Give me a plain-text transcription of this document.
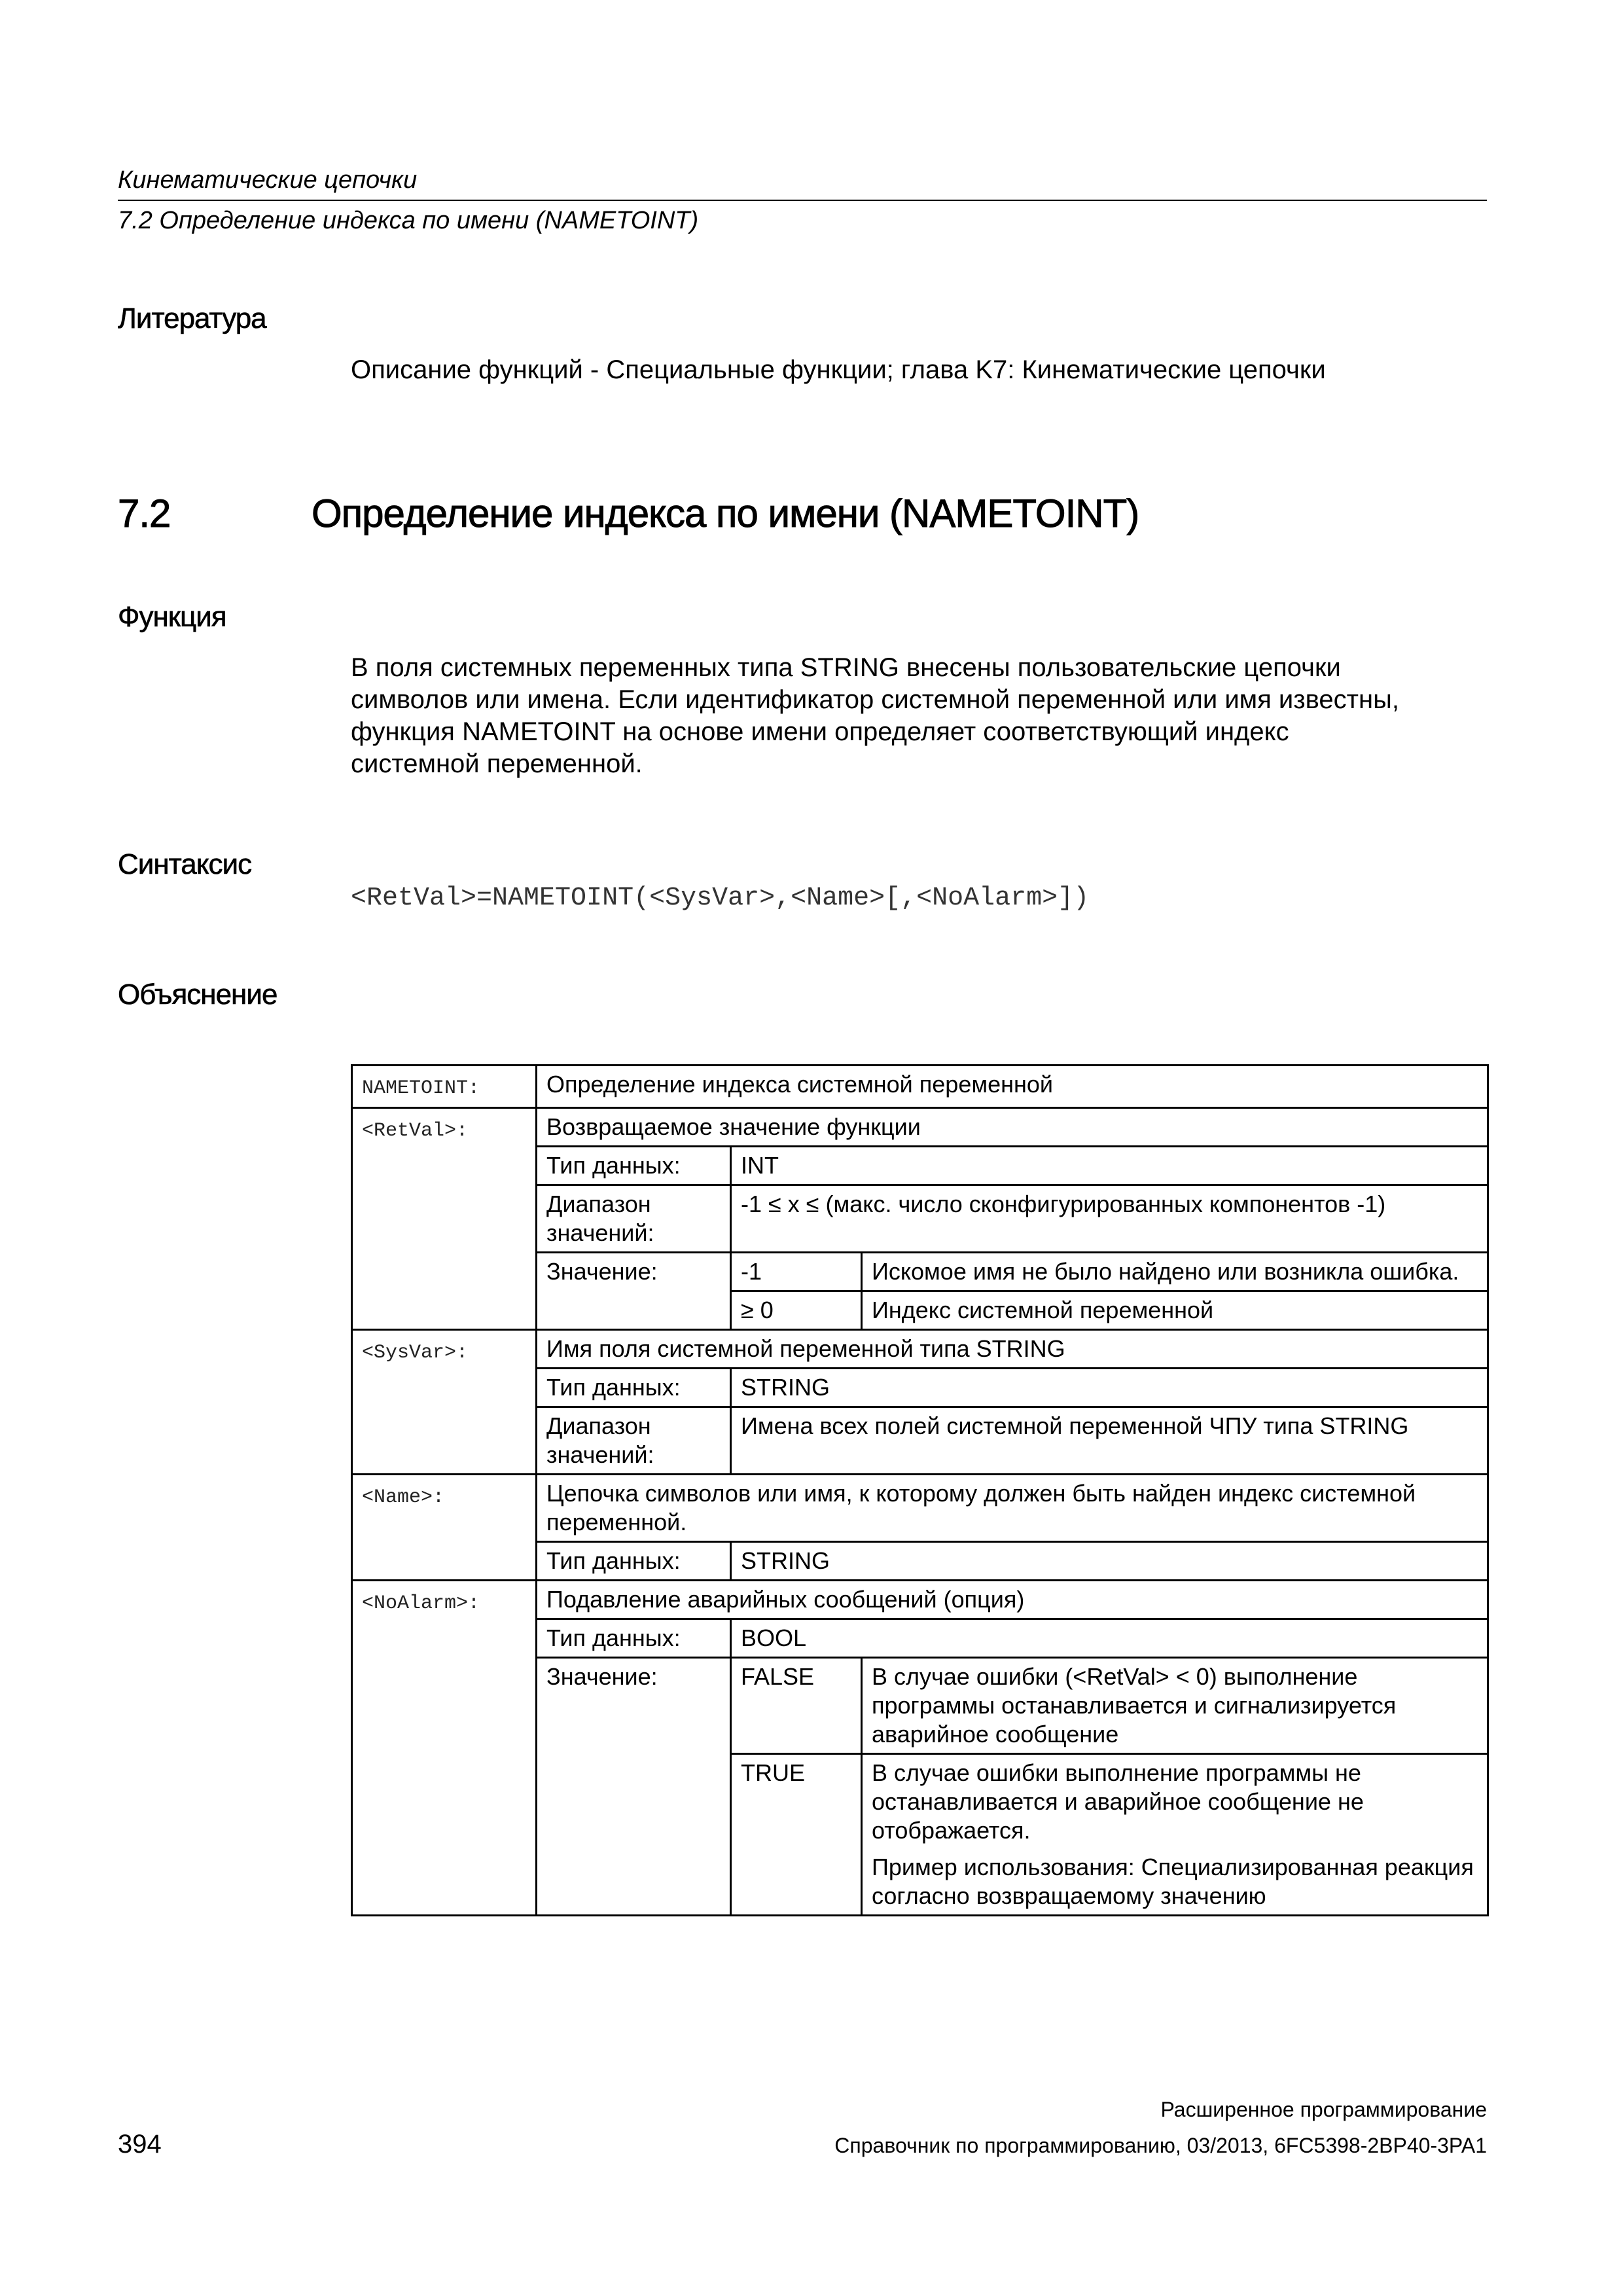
Кинематические цепочки
7.2 Определение индекса по имени (NAMETOINT)
Литература
Описание функций - Специальные функции; глава K7: Кинематические цепочки
7.2	Определение индекса по имени (NAMETOINT)
Функция
В поля системных переменных типа STRING внесены пользовательские цепочки
символов или имена. Если идентификатор системной переменной или имя известны,
функция NAMETOINT на основе имени определяет соответствующий индекс
системной переменной.
Синтаксис
<RetVal>=NAMETOINT(<SysVar>,<Name>[,<NoAlarm>])
Объяснение
NAMETOINT:	Определение индекса системной переменной		
<RetVal>:	Возвращаемое значение функции		
	Тип данных:	INT	
	Диапазон значений:	-1 ≤ x ≤ (макс. число сконфигурированных компонентов -1)	
	Значение:	-1	Искомое имя не было найдено или возникла ошибка.
		≥ 0	Индекс системной переменной
<SysVar>:	Имя поля системной переменной типа STRING		
	Тип данных:	STRING	
	Диапазон значений:	Имена всех полей системной переменной ЧПУ типа STRING	
<Name>:	Цепочка символов или имя, к которому должен быть найден индекс системной переменной.		
	Тип данных:	STRING	
<NoAlarm>:	Подавление аварийных сообщений (опция)		
	Тип данных:	BOOL	
	Значение:	FALSE	В случае ошибки (<RetVal> < 0) выполнение программы останавливается и сигнализируется аварийное сообщение
		TRUE	В случае ошибки выполнение программы не останавливается и аварийное сообщение не отображается.
			Пример использования: Специализированная реакция согласно возвращаемому значению
Расширенное программирование
394	Справочник по программированию, 03/2013, 6FC5398-2BP40-3PA1
